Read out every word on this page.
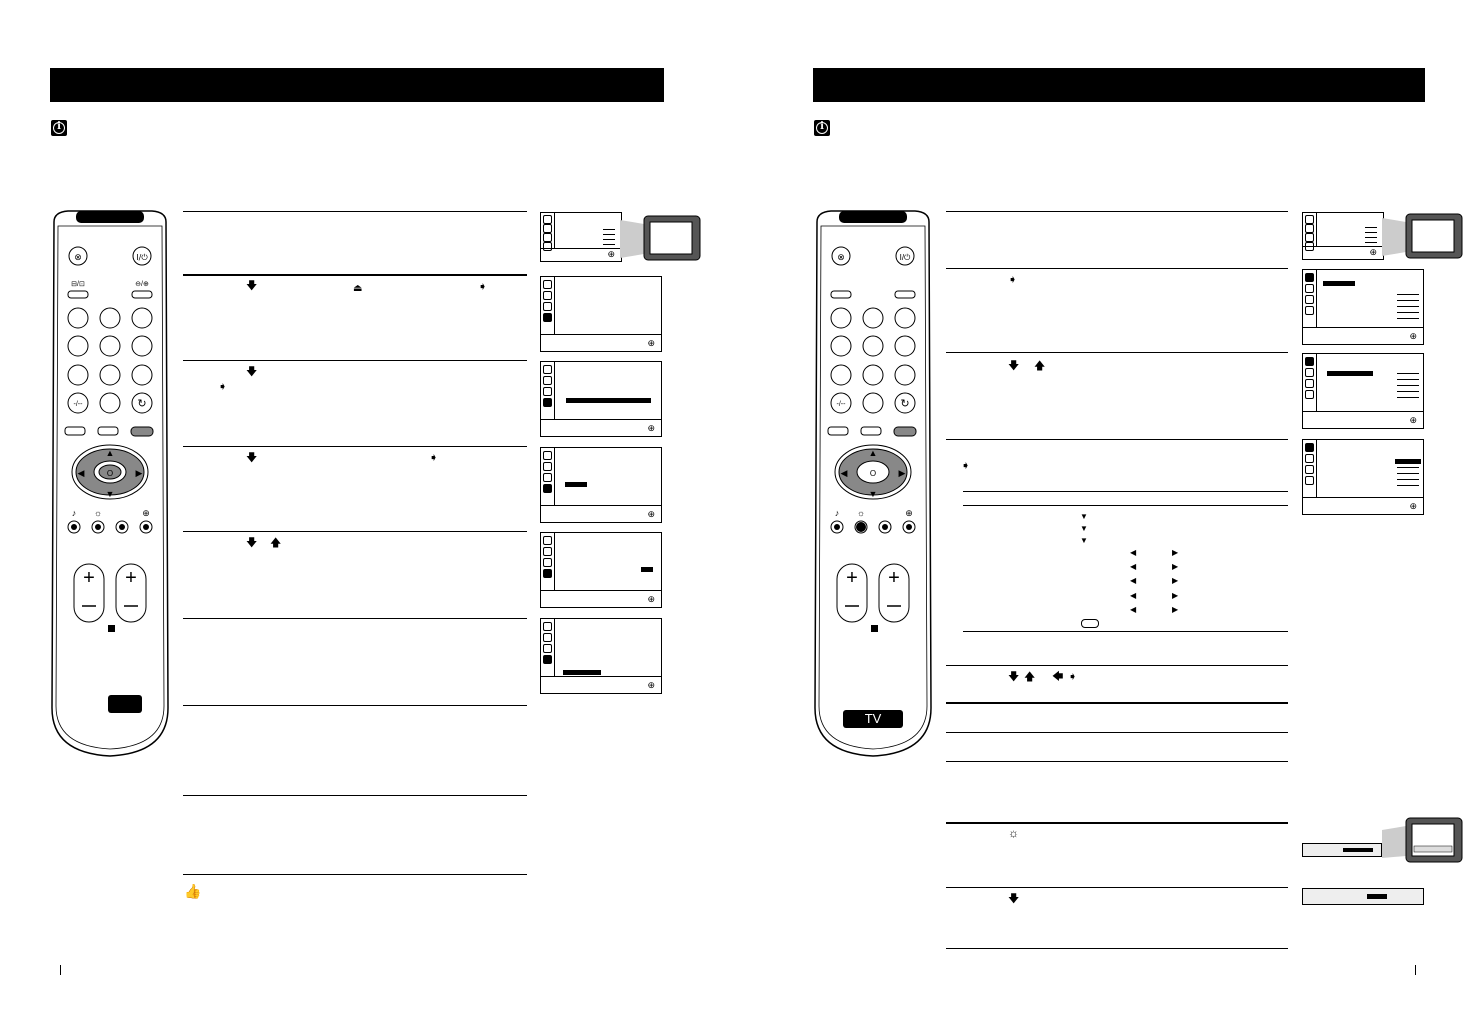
i	i
⊗	I/⏻
⊟/⊡	⊖/⊕
-/--	↻
O
▲
▼
◀	▶
♪ ☼	⊕
+ +
TV
🡇	⏏	➧
🡇
➧
🡇	➧
🡇 🡅
👍
⊕
⊕
⊕
⊕
⊕
⊕
⊗	I/⏻
-/--	↻
O
▲
▼
◀	▶
♪ ☼	⊕
+ +
TV
➧
🡇 🡅
➧
▼
▼
▼
◀	▶
◀	▶
◀	▶
◀	▶
◀	▶
🡇 🡅 🡄 ➧
☼
🡇
⊕
⊕
⊕
⊕
